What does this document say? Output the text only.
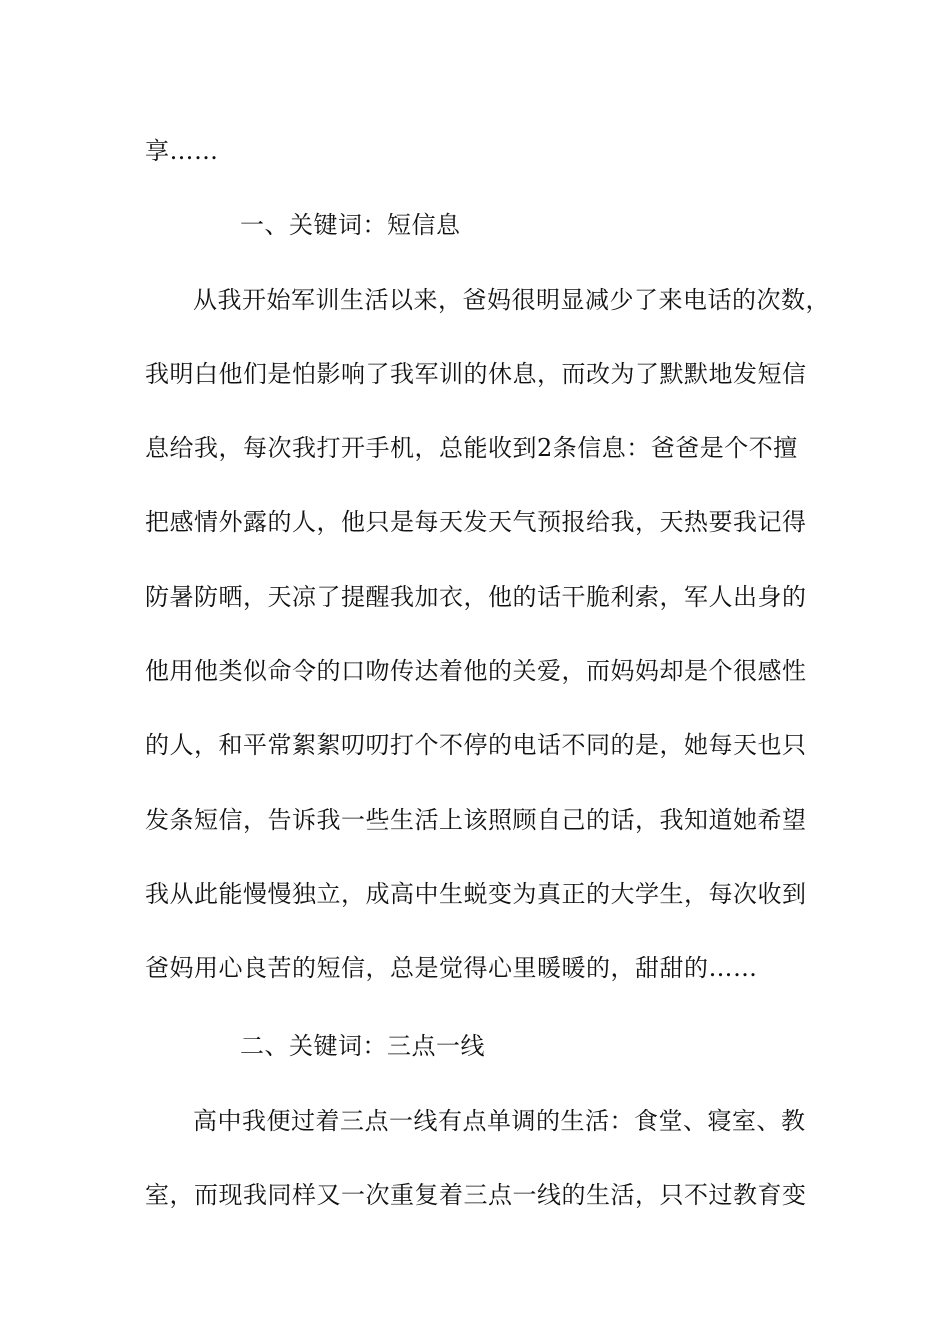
享……
一、关键词：短信息
从我开始军训生活以来，爸妈很明显减少了来电话的次数，
我明白他们是怕影响了我军训的休息，而改为了默默地发短信
息给我，每次我打开手机，总能收到2条信息：爸爸是个不擅
把感情外露的人，他只是每天发天气预报给我，天热要我记得
防暑防晒，天凉了提醒我加衣，他的话干脆利索，军人出身的
他用他类似命令的口吻传达着他的关爱，而妈妈却是个很感性
的人，和平常絮絮叨叨打个不停的电话不同的是，她每天也只
发条短信，告诉我一些生活上该照顾自己的话，我知道她希望
我从此能慢慢独立，成高中生蜕变为真正的大学生，每次收到
爸妈用心良苦的短信，总是觉得心里暖暖的，甜甜的……
二、关键词：三点一线
高中我便过着三点一线有点单调的生活：食堂、寝室、教
室，而现我同样又一次重复着三点一线的生活，只不过教育变
